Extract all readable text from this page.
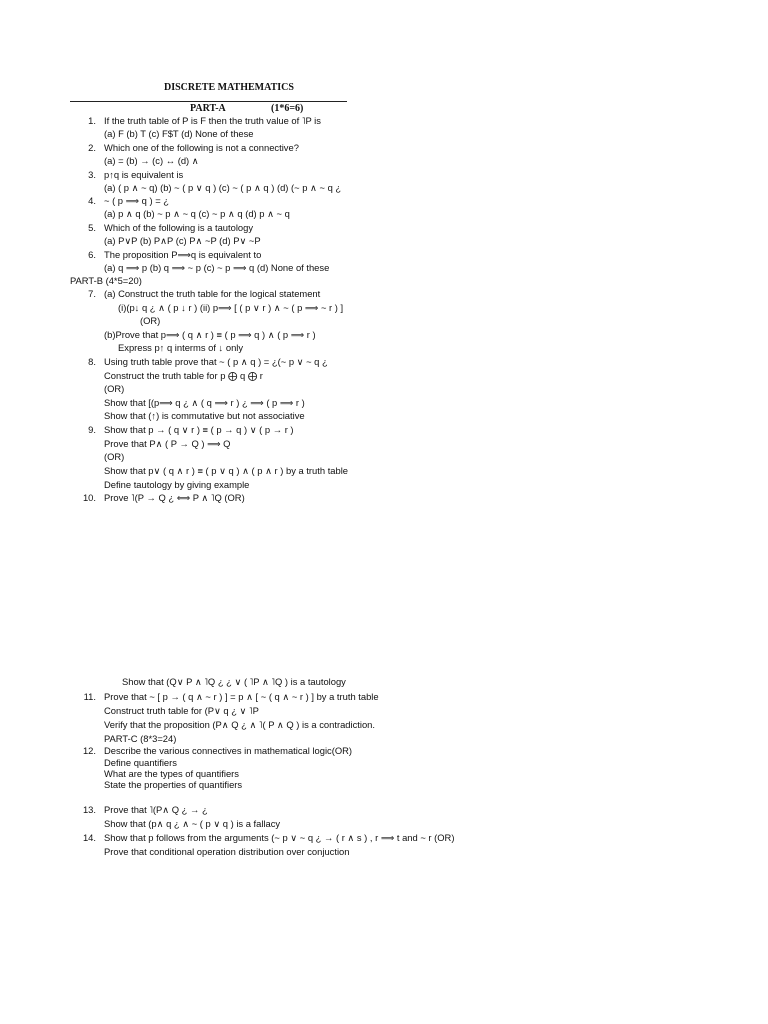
DISCRETE MATHEMATICS
PART-A	(1*6=6)
1. If the truth table of P is F then the truth value of ˥P is
(a) F (b) T (c) F$T (d) None of these
2. Which one of the following is not a connective?
(a) = (b) → (c) ↔ (d) ∧
3. p↑q is equivalent is
(a) ( p ∧ ~ q) (b) ~ ( p ∨ q ) (c) ~ ( p ∧ q ) (d) (~ p ∧ ~ q ¿
4. ~ ( p ⟹ q ) = ¿
(a) p ∧ q (b) ~ p ∧ ~ q (c) ~ p ∧ q (d) p ∧ ~ q
5. Which of the following is a tautology
(a) P∨P (b) P∧P (c) P∧ ~P (d) P∨ ~P
6. The proposition P⟹q is equivalent to
(a) q ⟹ p (b) q ⟹ ~ p (c) ~ p ⟹ q (d) None of these
PART-B (4*5=20)
7. (a) Construct the truth table for the logical statement
(i)(p↓ q ¿ ∧ ( p ↓ r ) (ii) p⟹ [ ( p ∨ r ) ∧ ~ ( p ⟹ ~ r ) ]
(OR)
(b)Prove that p⟹ ( q ∧ r ) ≡ ( p ⟹ q ) ∧ ( p ⟹ r )
Express p↑ q interms of ↓ only
8. Using truth table prove that ~ ( p ∧ q ) = ¿(~ p ∨ ~ q ¿
Construct the truth table for p ⨁ q ⨁ r
(OR)
Show that [(p⟹ q ¿ ∧ ( q ⟹ r ) ¿ ⟹ ( p ⟹ r )
Show that (↑) is commutative but not associative
9. Show that p → ( q ∨ r ) ≡ ( p → q ) ∨ ( p → r )
Prove that P∧ ( P → Q ) ⟹ Q
(OR)
Show that p∨ ( q ∧ r ) ≡ ( p ∨ q ) ∧ ( p ∧ r ) by a truth table
Define tautology by giving example
10. Prove ˥(P → Q ¿ ⟺ P ∧ ˥Q (OR)
Show that (Q∨ P ∧ ˥Q ¿ ¿ ∨ ( ˥P ∧ ˥Q ) is a tautology
11. Prove that ~ [ p → ( q ∧ ~ r ) ] = p ∧ [ ~ ( q ∧ ~ r ) ] by a truth table
Construct truth table for (P∨ q ¿ ∨ ˥P
Verify that the proposition (P∧ Q ¿ ∧ ˥( P ∧ Q ) is a contradiction.
PART-C (8*3=24)
12. Describe the various connectives in mathematical logic(OR)
Define quantifiers
What are the types of quantifiers
State the properties of quantifiers
13. Prove that ˥(P∧ Q ¿ → ¿
Show that (p∧ q ¿ ∧ ~ ( p ∨ q ) is a fallacy
14. Show that p follows from the arguments (~ p ∨ ~ q ¿ → ( r ∧ s ) , r ⟹ t and ~ r (OR)
Prove that conditional operation distribution over conjuction
